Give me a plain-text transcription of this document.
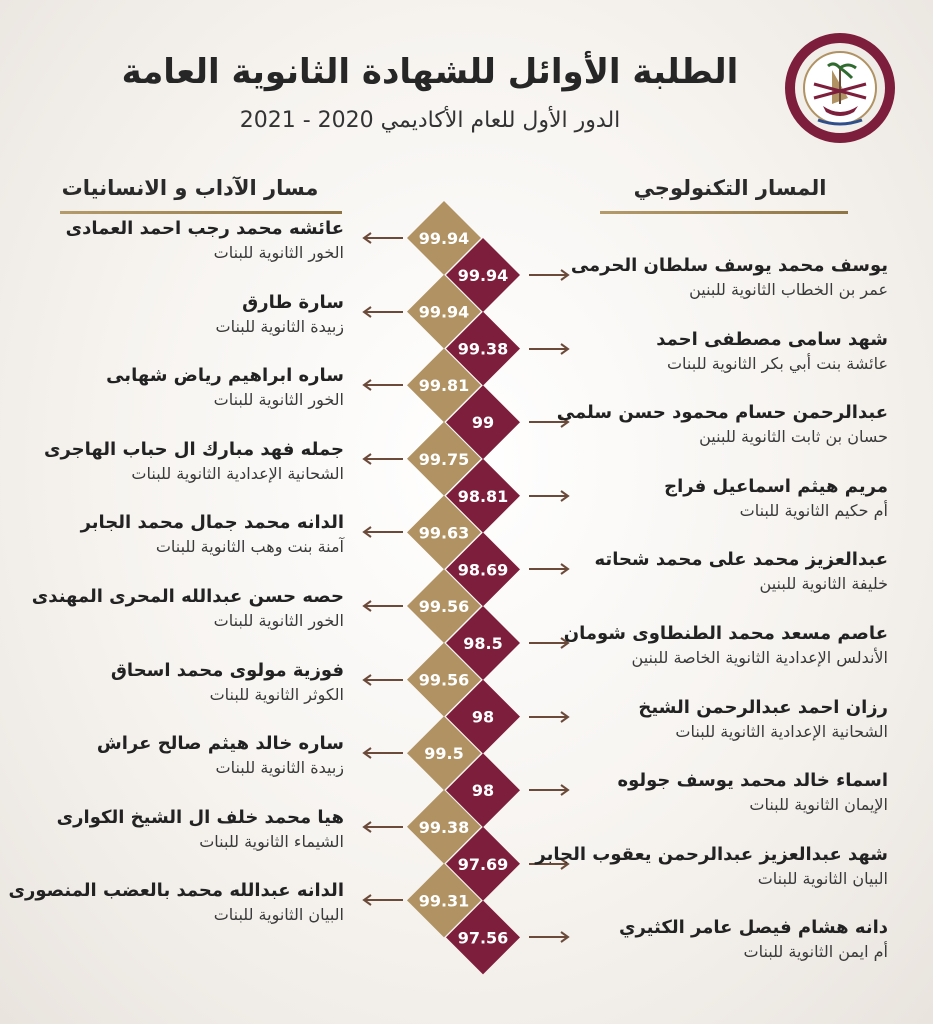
الطلبة الأوائل للشهادة الثانوية العامة
الدور الأول للعام الأكاديمي 2020 - 2021
المسار التكنولوجي
مسار الآداب و الانسانيات
99.94
99.94
99.81
99.75
99.63
99.56
99.56
99.5
99.38
99.31
99.94
99.38
99
98.81
98.69
98.5
98
98
97.69
97.56
عائشه محمد رجب احمد العمادى
الخور الثانوية للبنات
سارة طارق
زبيدة الثانوية للبنات
ساره ابراهيم رياض شهابى
الخور الثانوية للبنات
جمله فهد مبارك ال حباب الهاجرى
الشحانية الإعدادية الثانوية للبنات
الدانه محمد جمال محمد الجابر
آمنة بنت وهب الثانوية للبنات
حصه حسن عبدالله المحرى المهندى
الخور الثانوية للبنات
فوزية مولوى محمد اسحاق
الكوثر الثانوية للبنات
ساره خالد هيثم صالح عراش
زبيدة الثانوية للبنات
هيا محمد خلف ال الشيخ الكوارى
الشيماء الثانوية للبنات
الدانه عبدالله محمد بالعضب المنصورى
البيان الثانوية للبنات
يوسف محمد يوسف سلطان الحرمى
عمر بن الخطاب الثانوية للبنين
شهد سامى مصطفى احمد
عائشة بنت أبي بكر الثانوية للبنات
عبدالرحمن حسام محمود حسن سلمى
حسان بن ثابت الثانوية للبنين
مريم هيثم اسماعيل فراج
أم حكيم الثانوية للبنات
عبدالعزيز محمد على محمد شحاته
خليفة الثانوية للبنين
عاصم مسعد محمد الطنطاوى شومان
الأندلس الإعدادية الثانوية الخاصة للبنين
رزان احمد عبدالرحمن الشيخ
الشحانية الإعدادية الثانوية للبنات
اسماء خالد محمد يوسف جولوه
الإيمان الثانوية للبنات
شهد عبدالعزيز عبدالرحمن يعقوب الجابر
البيان الثانوية للبنات
دانه هشام فيصل عامر الكثيري
أم ايمن الثانوية للبنات
